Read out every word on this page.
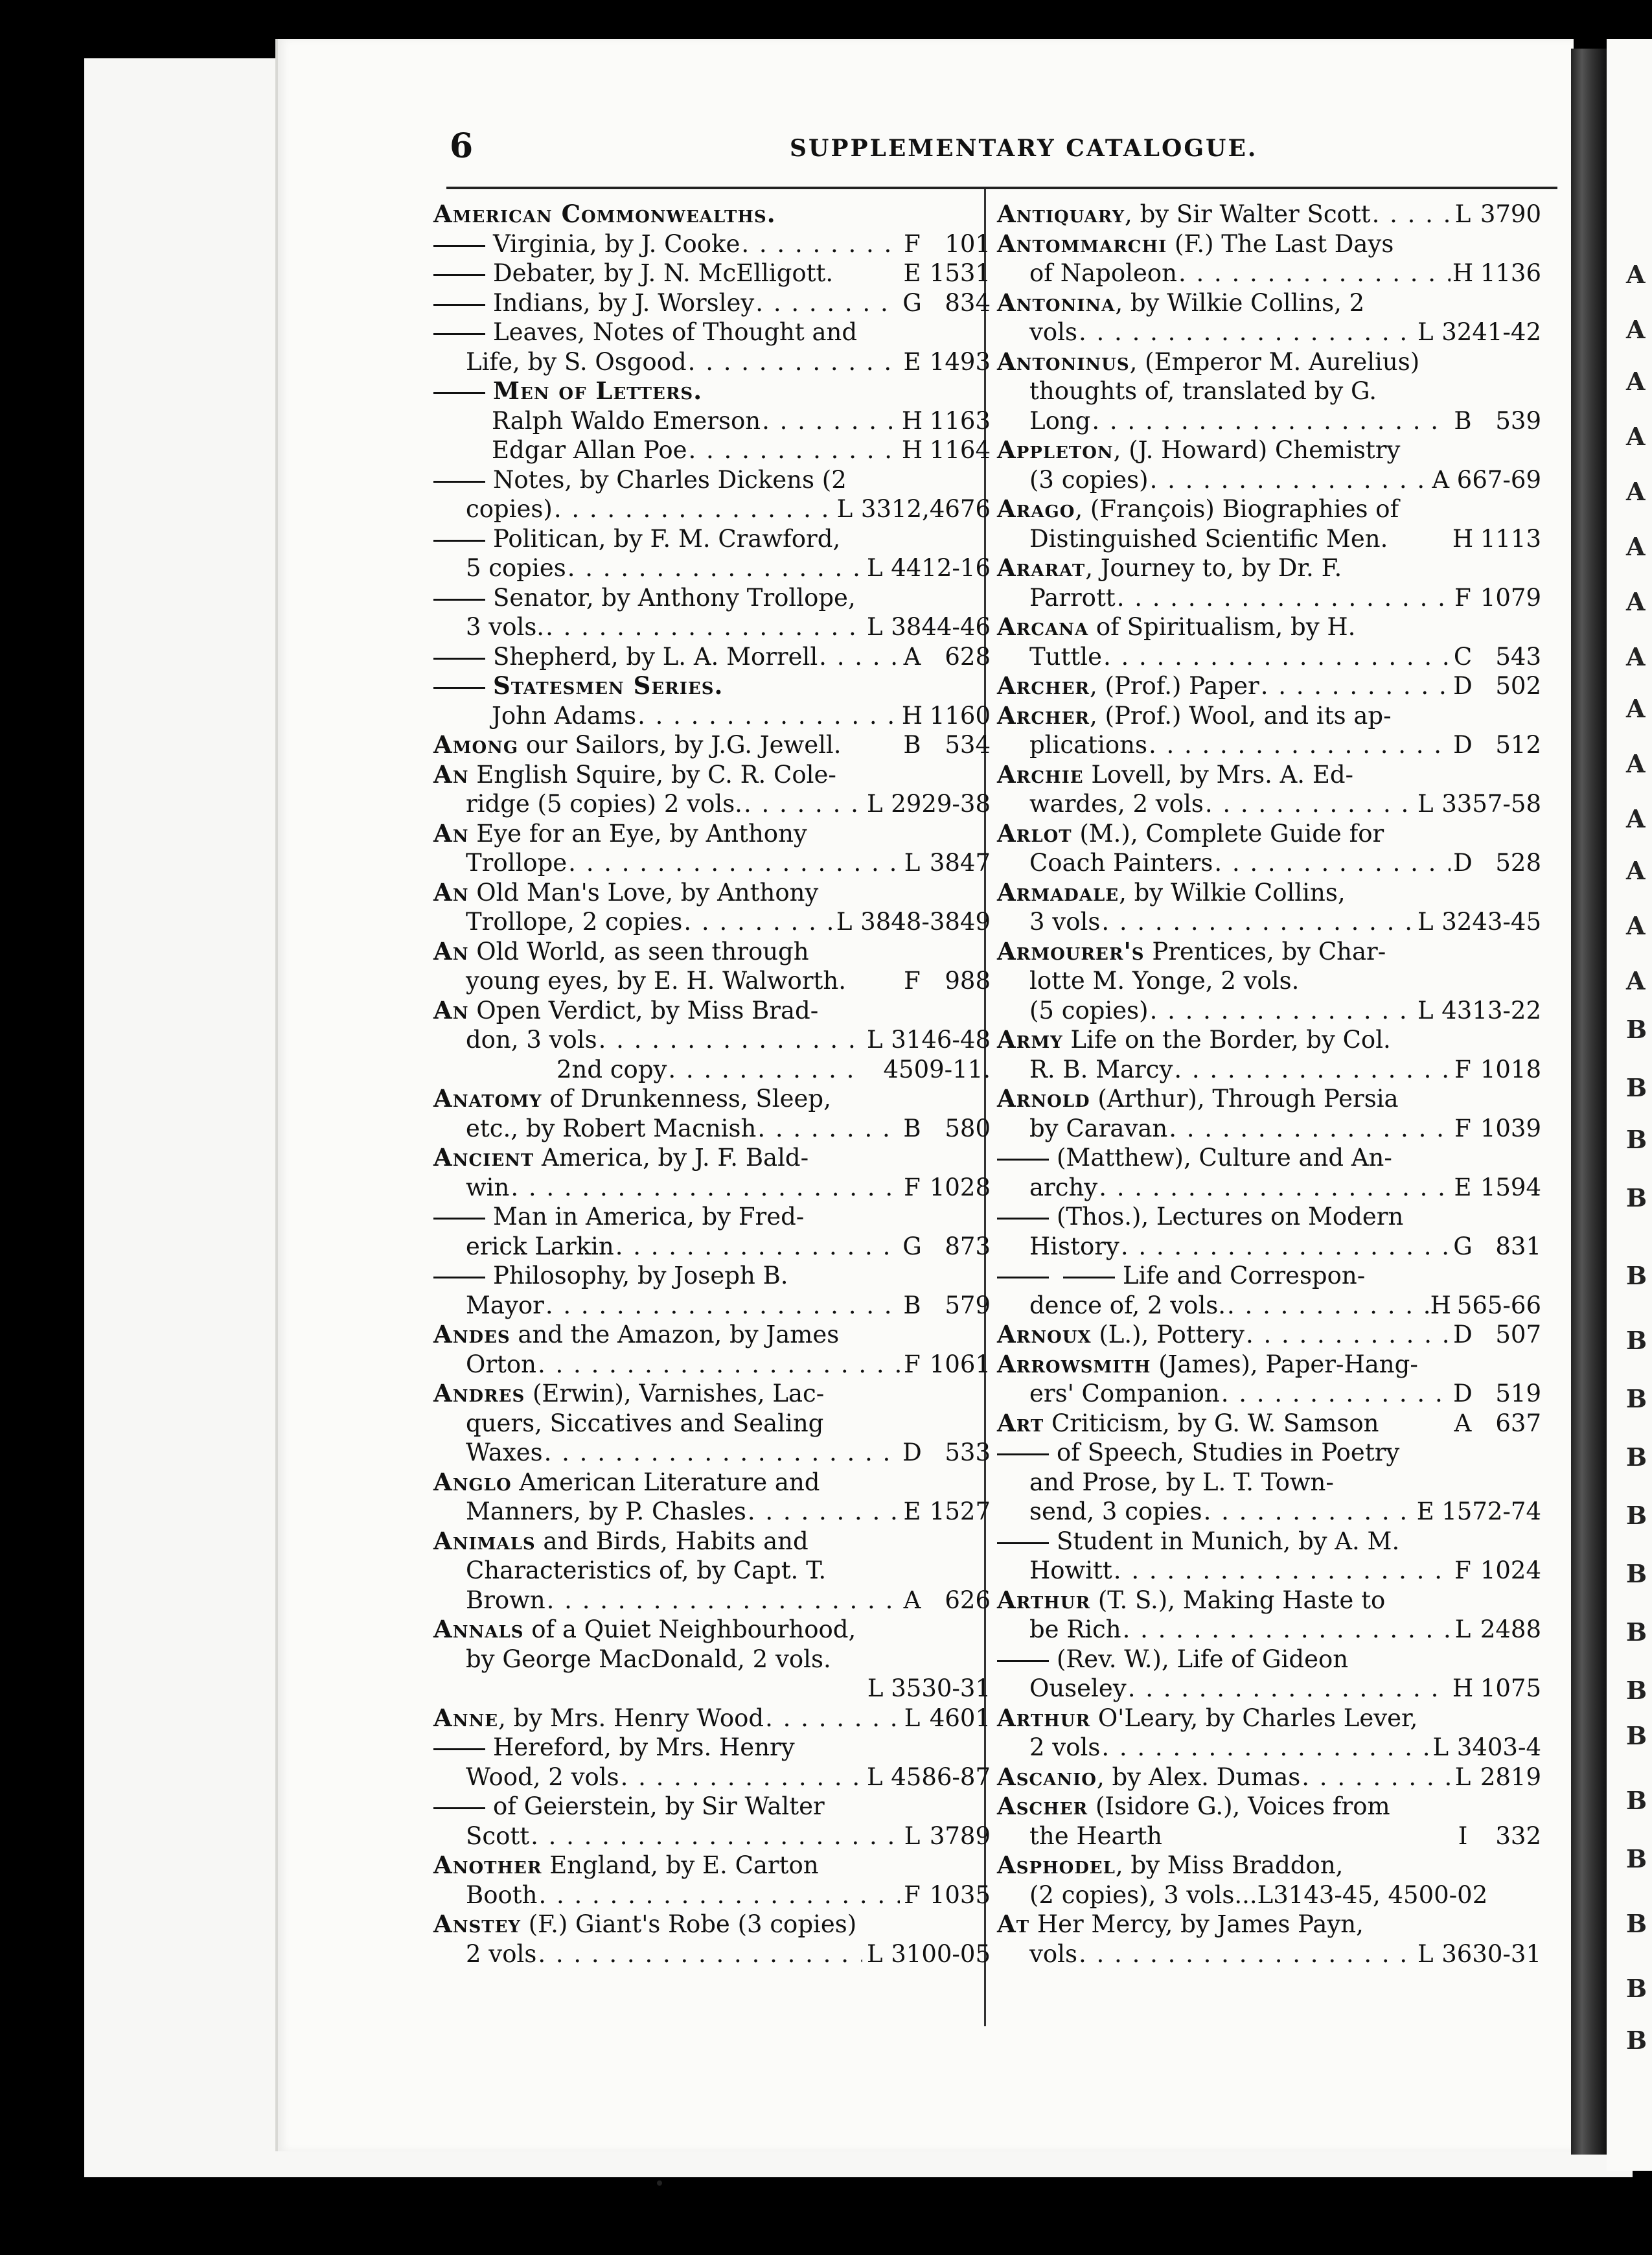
6	SUPPLEMENTARY CATALOGUE.
American Commonwealths.
Virginia, by J. Cooke . . .	F	101
Debater, by J. N. McElligott.	E 1531
Indians, by J. Worsley . . .	G 834
Leaves, Notes of Thought and
Life, by S. Osgood . . .	E 1493
Men of Letters.
Ralph Waldo Emerson . . .	H 1163
Edgar Allan Poe . . .	H 1164
Notes, by Charles Dickens (2
copies) . . .	L 3312,4676
Politican, by F. M. Crawford,
5 copies . . .	L 4412-16
Senator, by Anthony Trollope,
3 vols. . . .	L 3844-46
Shepherd, by L. A. Morrell . . .	A	628
Statesmen Series.
John Adams . . .	H 1160
Among our Sailors, by J.G. Jewell.	B 534
An English Squire, by C. R. Cole-
ridge (5 copies) 2 vols. . . .	L 2929-38
An Eye for an Eye, by Anthony
Trollope . . .	L 3847
An Old Man's Love, by Anthony
Trollope, 2 copies . . .	L 3848-3849
An Old World, as seen through
young eyes, by E. H. Walworth. F	988
An Open Verdict, by Miss Brad-
don, 3 vols . . .	L 3146-48
2nd copy . . .	4509-11.
Anatomy of Drunkenness, Sleep,
etc., by Robert Macnish . . .	B 580
Ancient America, by J. F. Bald-
win . . .	F 1028
Man in America, by Fred-
erick Larkin . . .	G 873
Philosophy, by Joseph B.
Mayor . . .	B 579
Andes and the Amazon, by James
Orton . . .	F 1061
Andres (Erwin), Varnishes, Lac-
quers, Siccatives and Sealing
Waxes . . .	D 533
Anglo American Literature and
Manners, by P. Chasles . . .	E 1527
Animals and Birds, Habits and
Characteristics of, by Capt. T.
Brown . . .	A	626
Annals of a Quiet Neighbourhood,
by George MacDonald, 2 vols.
L 3530-31
Anne, by Mrs. Henry Wood . . .	L 4601
Hereford, by Mrs. Henry
Wood, 2 vols . . .	L 4586-87
of Geierstein, by Sir Walter
Scott . . .	L 3789
Another England, by E. Carton
Booth . . .	F 1035
Anstey (F.) Giant's Robe (3 copies)
2 vols . . .	L 3100-05
Antiquary, by Sir Walter Scott . . .	L 3790
Antommarchi (F.) The Last Days
of Napoleon . . .	H 1136
Antonina, by Wilkie Collins, 2
vols . . .	L 3241-42
Antoninus, (Emperor M. Aurelius)
thoughts of, translated by G.
Long . . .	B 539
Appleton, (J. Howard) Chemistry
(3 copies) . . .	A 667-69
Arago, (François) Biographies of
Distinguished Scientific Men.	H 1113
Ararat, Journey to, by Dr. F.
Parrott . . .	F 1079
Arcana of Spiritualism, by H.
Tuttle . . .	C 543
Archer, (Prof.) Paper . . .	D 502
Archer, (Prof.) Wool, and its ap-
plications . . .	D 512
Archie Lovell, by Mrs. A. Ed-
wardes, 2 vols . . .	L 3357-58
Arlot (M.), Complete Guide for
Coach Painters . . .	D 528
Armadale, by Wilkie Collins,
3 vols . . .	L 3243-45
Armourer's Prentices, by Char-
lotte M. Yonge, 2 vols.
(5 copies) . . .	L 4313-22
Army Life on the Border, by Col.
R. B. Marcy . . .	F 1018
Arnold (Arthur), Through Persia
by Caravan . . .	F 1039
(Matthew), Culture and An-
archy . . .	E 1594
(Thos.), Lectures on Modern
History . . .	G 831
Life and Correspon-
dence of, 2 vols. . . .	H 565-66
Arnoux (L.), Pottery . . .	D 507
Arrowsmith (James), Paper-Hang-
ers' Companion . . .	D 519
Art Criticism, by G. W. Samson	A	637
of Speech, Studies in Poetry
and Prose, by L. T. Town-
send, 3 copies . . .	E 1572-74
Student in Munich, by A. M.
Howitt . . .	F 1024
Arthur (T. S.), Making Haste to
be Rich . . .	L 2488
(Rev. W.), Life of Gideon
Ouseley . . .	H 1075
Arthur O'Leary, by Charles Lever,
2 vols . . .	L 3403-4
Ascanio, by Alex. Dumas . . .	L 2819
Ascher (Isidore G.), Voices from
the Hearth	I	332
Asphodel, by Miss Braddon,
(2 copies), 3 vols...L3143-45, 4500-02
At Her Mercy, by James Payn,
vols . . .	L 3630-31
A
A
A
A
A
A
A
A
A
A
A
A
A
A
B
B
B
B
B
B
B
B
B
B
B
B
B
B
B
B
B
B
